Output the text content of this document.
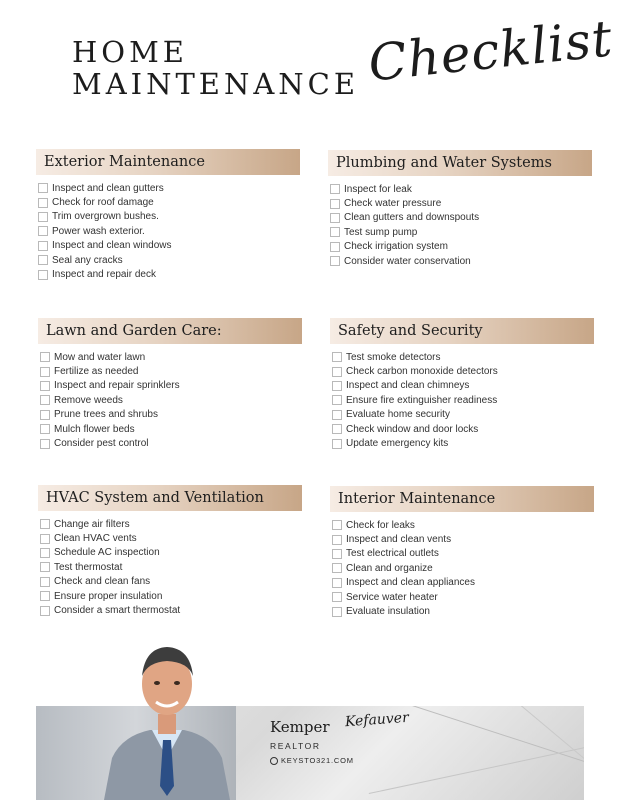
HOME
MAINTENANCE Checklist
Exterior Maintenance
Inspect and clean gutters
Check for roof damage
Trim overgrown bushes.
Power wash exterior.
Inspect and clean windows
Seal any cracks
Inspect and repair deck
Plumbing and Water Systems
Inspect for leak
Check water pressure
Clean gutters and downspouts
Test sump pump
Check irrigation system
Consider water conservation
Lawn and Garden Care:
Mow and water lawn
Fertilize as needed
Inspect and repair sprinklers
Remove weeds
Prune trees and shrubs
Mulch flower beds
Consider pest control
Safety and Security
Test smoke detectors
Check carbon monoxide detectors
Inspect and clean chimneys
Ensure fire extinguisher readiness
Evaluate home security
Check window and door locks
Update emergency kits
HVAC System and Ventilation
Change air filters
Clean HVAC vents
Schedule AC inspection
Test thermostat
Check and clean fans
Ensure proper insulation
Consider a smart thermostat
Interior Maintenance
Check for leaks
Inspect and clean vents
Test electrical outlets
Clean and organize
Inspect and clean appliances
Service water heater
Evaluate insulation
Kemper Kefauver
REALTOR
KEYSTO321.COM
